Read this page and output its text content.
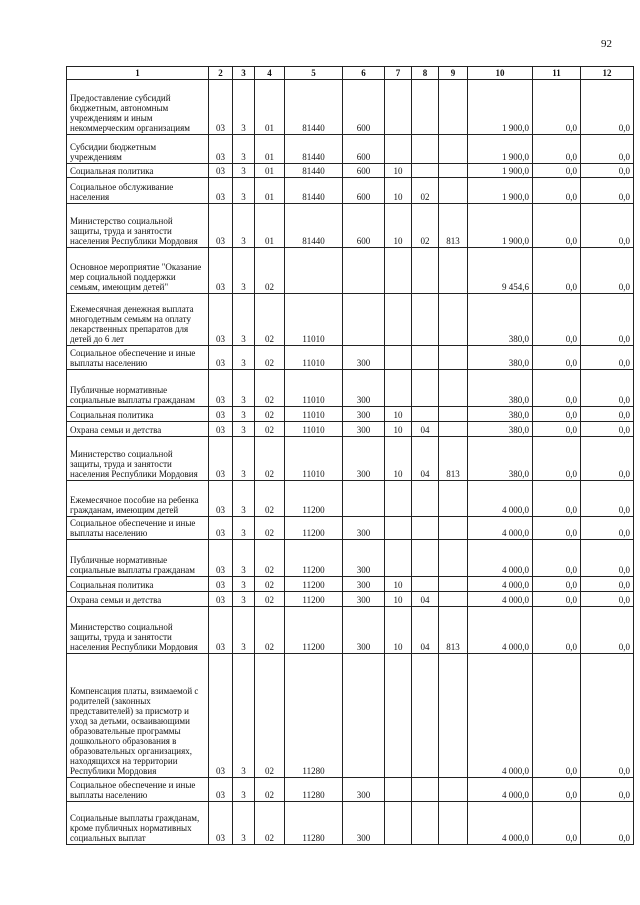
92
1	2	3	4	5	6	7	8	9	10	11	12
Предоставление субсидий бюджетным, автономным учреждениям и иным некоммерческим организациям	03	3	01	81440	600				1 900,0	0,0	0,0
Субсидии бюджетным учреждениям	03	3	01	81440	600				1 900,0	0,0	0,0
Социальная политика	03	3	01	81440	600	10			1 900,0	0,0	0,0
Социальное обслуживание населения	03	3	01	81440	600	10	02		1 900,0	0,0	0,0
Министерство социальной защиты, труда и занятости населения Республики Мордовия	03	3	01	81440	600	10	02	813	1 900,0	0,0	0,0
Основное мероприятие "Оказание мер социальной поддержки семьям, имеющим детей"	03	3	02						9 454,6	0,0	0,0
Ежемесячная денежная выплата многодетным семьям на оплату лекарственных препаратов для детей до 6 лет	03	3	02	11010					380,0	0,0	0,0
Социальное обеспечение и иные выплаты населению	03	3	02	11010	300				380,0	0,0	0,0
Публичные нормативные социальные выплаты гражданам	03	3	02	11010	300				380,0	0,0	0,0
Социальная политика	03	3	02	11010	300	10			380,0	0,0	0,0
Охрана семьи и детства	03	3	02	11010	300	10	04		380,0	0,0	0,0
Министерство социальной защиты, труда и занятости населения Республики Мордовия	03	3	02	11010	300	10	04	813	380,0	0,0	0,0
Ежемесячное пособие на ребенка гражданам, имеющим детей	03	3	02	11200					4 000,0	0,0	0,0
Социальное обеспечение и иные выплаты населению	03	3	02	11200	300				4 000,0	0,0	0,0
Публичные нормативные социальные выплаты гражданам	03	3	02	11200	300				4 000,0	0,0	0,0
Социальная политика	03	3	02	11200	300	10			4 000,0	0,0	0,0
Охрана семьи и детства	03	3	02	11200	300	10	04		4 000,0	0,0	0,0
Министерство социальной защиты, труда и занятости населения Республики Мордовия	03	3	02	11200	300	10	04	813	4 000,0	0,0	0,0
Компенсация платы, взимаемой с родителей (законных представителей) за присмотр и уход за детьми, осваивающими образовательные программы дошкольного образования в образовательных организациях, находящихся на территории Республики Мордовия	03	3	02	11280					4 000,0	0,0	0,0
Социальное обеспечение и иные выплаты населению	03	3	02	11280	300				4 000,0	0,0	0,0
Социальные выплаты гражданам, кроме публичных нормативных социальных выплат	03	3	02	11280	300				4 000,0	0,0	0,0
